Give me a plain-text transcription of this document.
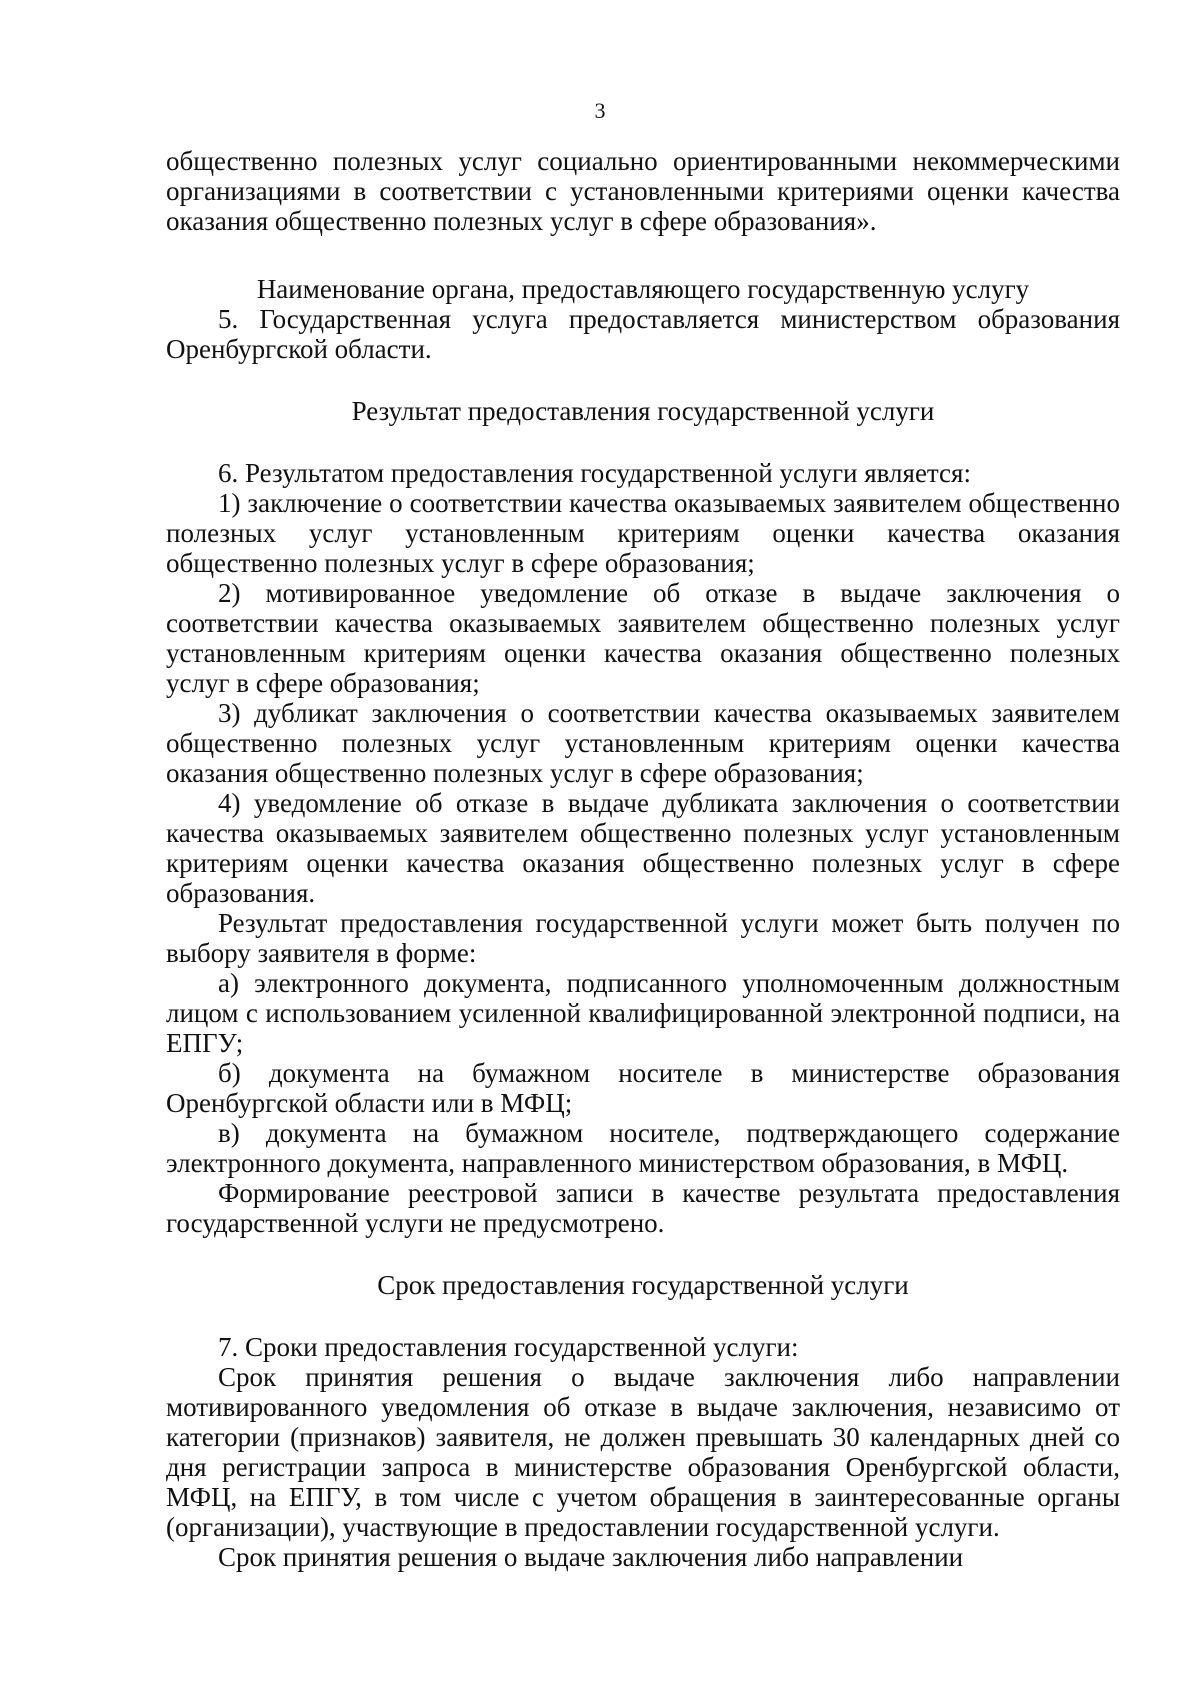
3

общественно полезных услуг социально ориентированными некоммерческими организациями в соответствии с установленными критериями оценки качества оказания общественно полезных услуг в сфере образования».

Наименование органа, предоставляющего государственную услугу

5. Государственная услуга предоставляется министерством образования Оренбургской области.

Результат предоставления государственной услуги

6. Результатом предоставления государственной услуги является:

1) заключение о соответствии качества оказываемых заявителем общественно полезных услуг установленным критериям оценки качества оказания общественно полезных услуг в сфере образования;

2) мотивированное уведомление об отказе в выдаче заключения о соответствии качества оказываемых заявителем общественно полезных услуг установленным критериям оценки качества оказания общественно полезных услуг в сфере образования;

3) дубликат заключения о соответствии качества оказываемых заявителем общественно полезных услуг установленным критериям оценки качества оказания общественно полезных услуг в сфере образования;

4) уведомление об отказе в выдаче дубликата заключения о соответствии качества оказываемых заявителем общественно полезных услуг установленным критериям оценки качества оказания общественно полезных услуг в сфере образования.

Результат предоставления государственной услуги может быть получен по выбору заявителя в форме:

а) электронного документа, подписанного уполномоченным должностным лицом с использованием усиленной квалифицированной электронной подписи, на ЕПГУ;

б) документа на бумажном носителе в министерстве образования Оренбургской области или в МФЦ;

в) документа на бумажном носителе, подтверждающего содержание электронного документа, направленного министерством образования, в МФЦ.

Формирование реестровой записи в качестве результата предоставления государственной услуги не предусмотрено.

Срок предоставления государственной услуги

7. Сроки предоставления государственной услуги:

Срок принятия решения о выдаче заключения либо направлении мотивированного уведомления об отказе в выдаче заключения, независимо от категории (признаков) заявителя, не должен превышать 30 календарных дней со дня регистрации запроса в министерстве образования Оренбургской области, МФЦ, на ЕПГУ, в том числе с учетом обращения в заинтересованные органы (организации), участвующие в предоставлении государственной услуги.

Срок принятия решения о выдаче заключения либо направлении
